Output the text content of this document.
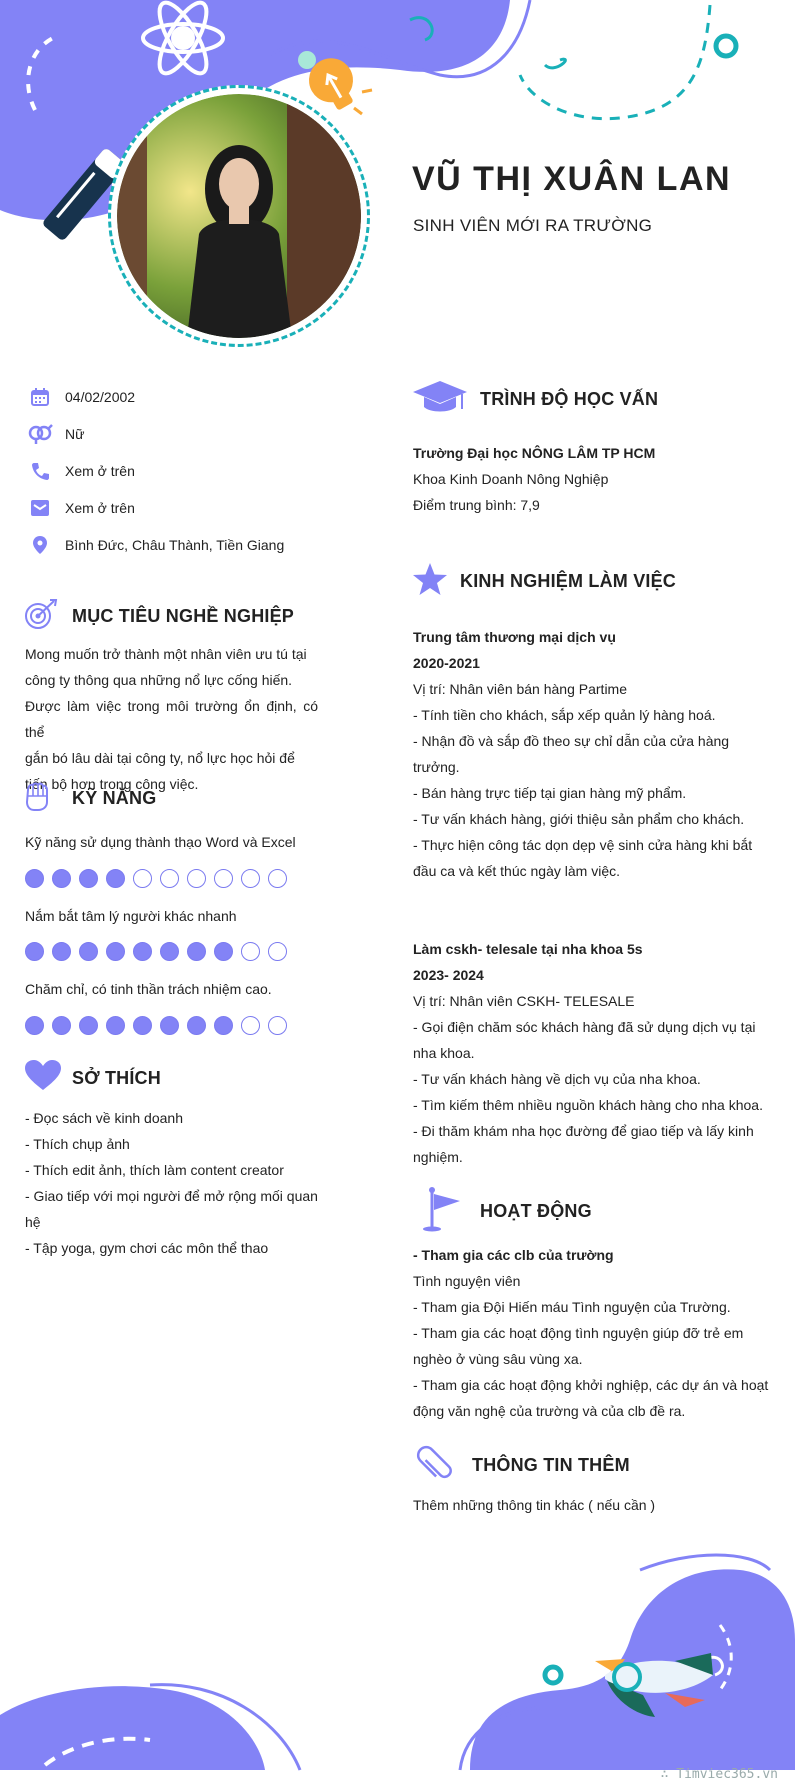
VŨ THỊ XUÂN LAN
SINH VIÊN MỚI RA TRƯỜNG
04/02/2002
Nữ
Xem ở trên
Xem ở trên
Bình Đức, Châu Thành, Tiền Giang
MỤC TIÊU NGHỀ NGHIỆP
Mong muốn trở thành một nhân viên ưu tú tại
công ty thông qua những nổ lực cống hiến.
Được làm việc trong môi trường ổn định, có thể
gắn bó lâu dài tại công ty, nổ lực học hỏi để
tiến bộ hơn trong công việc.
KỸ NĂNG
Kỹ năng sử dụng thành thạo Word và Excel
Nắm bắt tâm lý người khác nhanh
Chăm chỉ, có tinh thần trách nhiệm cao.
SỞ THÍCH
- Đọc sách về kinh doanh
- Thích chụp ảnh
- Thích edit ảnh, thích làm content creator
- Giao tiếp với mọi người để mở rộng mối quan
hệ
- Tập yoga, gym chơi các môn thể thao
TRÌNH ĐỘ HỌC VẤN
Trường Đại học NÔNG LÂM TP HCM
Khoa Kinh Doanh Nông Nghiệp
Điểm trung bình: 7,9
KINH NGHIỆM LÀM VIỆC
Trung tâm thương mại dịch vụ
2020-2021
Vị trí: Nhân viên bán hàng Partime
- Tính tiền cho khách, sắp xếp quản lý hàng hoá.
- Nhận đồ và sắp đồ theo sự chỉ dẫn của cửa hàng
trưởng.
- Bán hàng trực tiếp tại gian hàng mỹ phẩm.
- Tư vấn khách hàng, giới thiệu sản phẩm cho khách.
- Thực hiện công tác dọn dẹp vệ sinh cửa hàng khi bắt
đầu ca và kết thúc ngày làm việc.
Làm cskh- telesale tại nha khoa 5s
2023- 2024
Vị trí: Nhân viên CSKH- TELESALE
- Gọi điện chăm sóc khách hàng đã sử dụng dịch vụ tại
nha khoa.
- Tư vấn khách hàng về dịch vụ của nha khoa.
- Tìm kiếm thêm nhiều nguồn khách hàng cho nha khoa.
- Đi thăm khám nha học đường để giao tiếp và lấy kinh
nghiệm.
HOẠT ĐỘNG
- Tham gia các clb của trường
Tình nguyện viên
- Tham gia Đội Hiến máu Tình nguyện của Trường.
- Tham gia các hoạt động tình nguyện giúp đỡ trẻ em
nghèo ở vùng sâu vùng xa.
- Tham gia các hoạt động khởi nghiệp, các dự án và hoạt
động văn nghệ của trường và của clb đề ra.
THÔNG TIN THÊM
Thêm những thông tin khác ( nếu cần )
∴ Timviec365.vn
